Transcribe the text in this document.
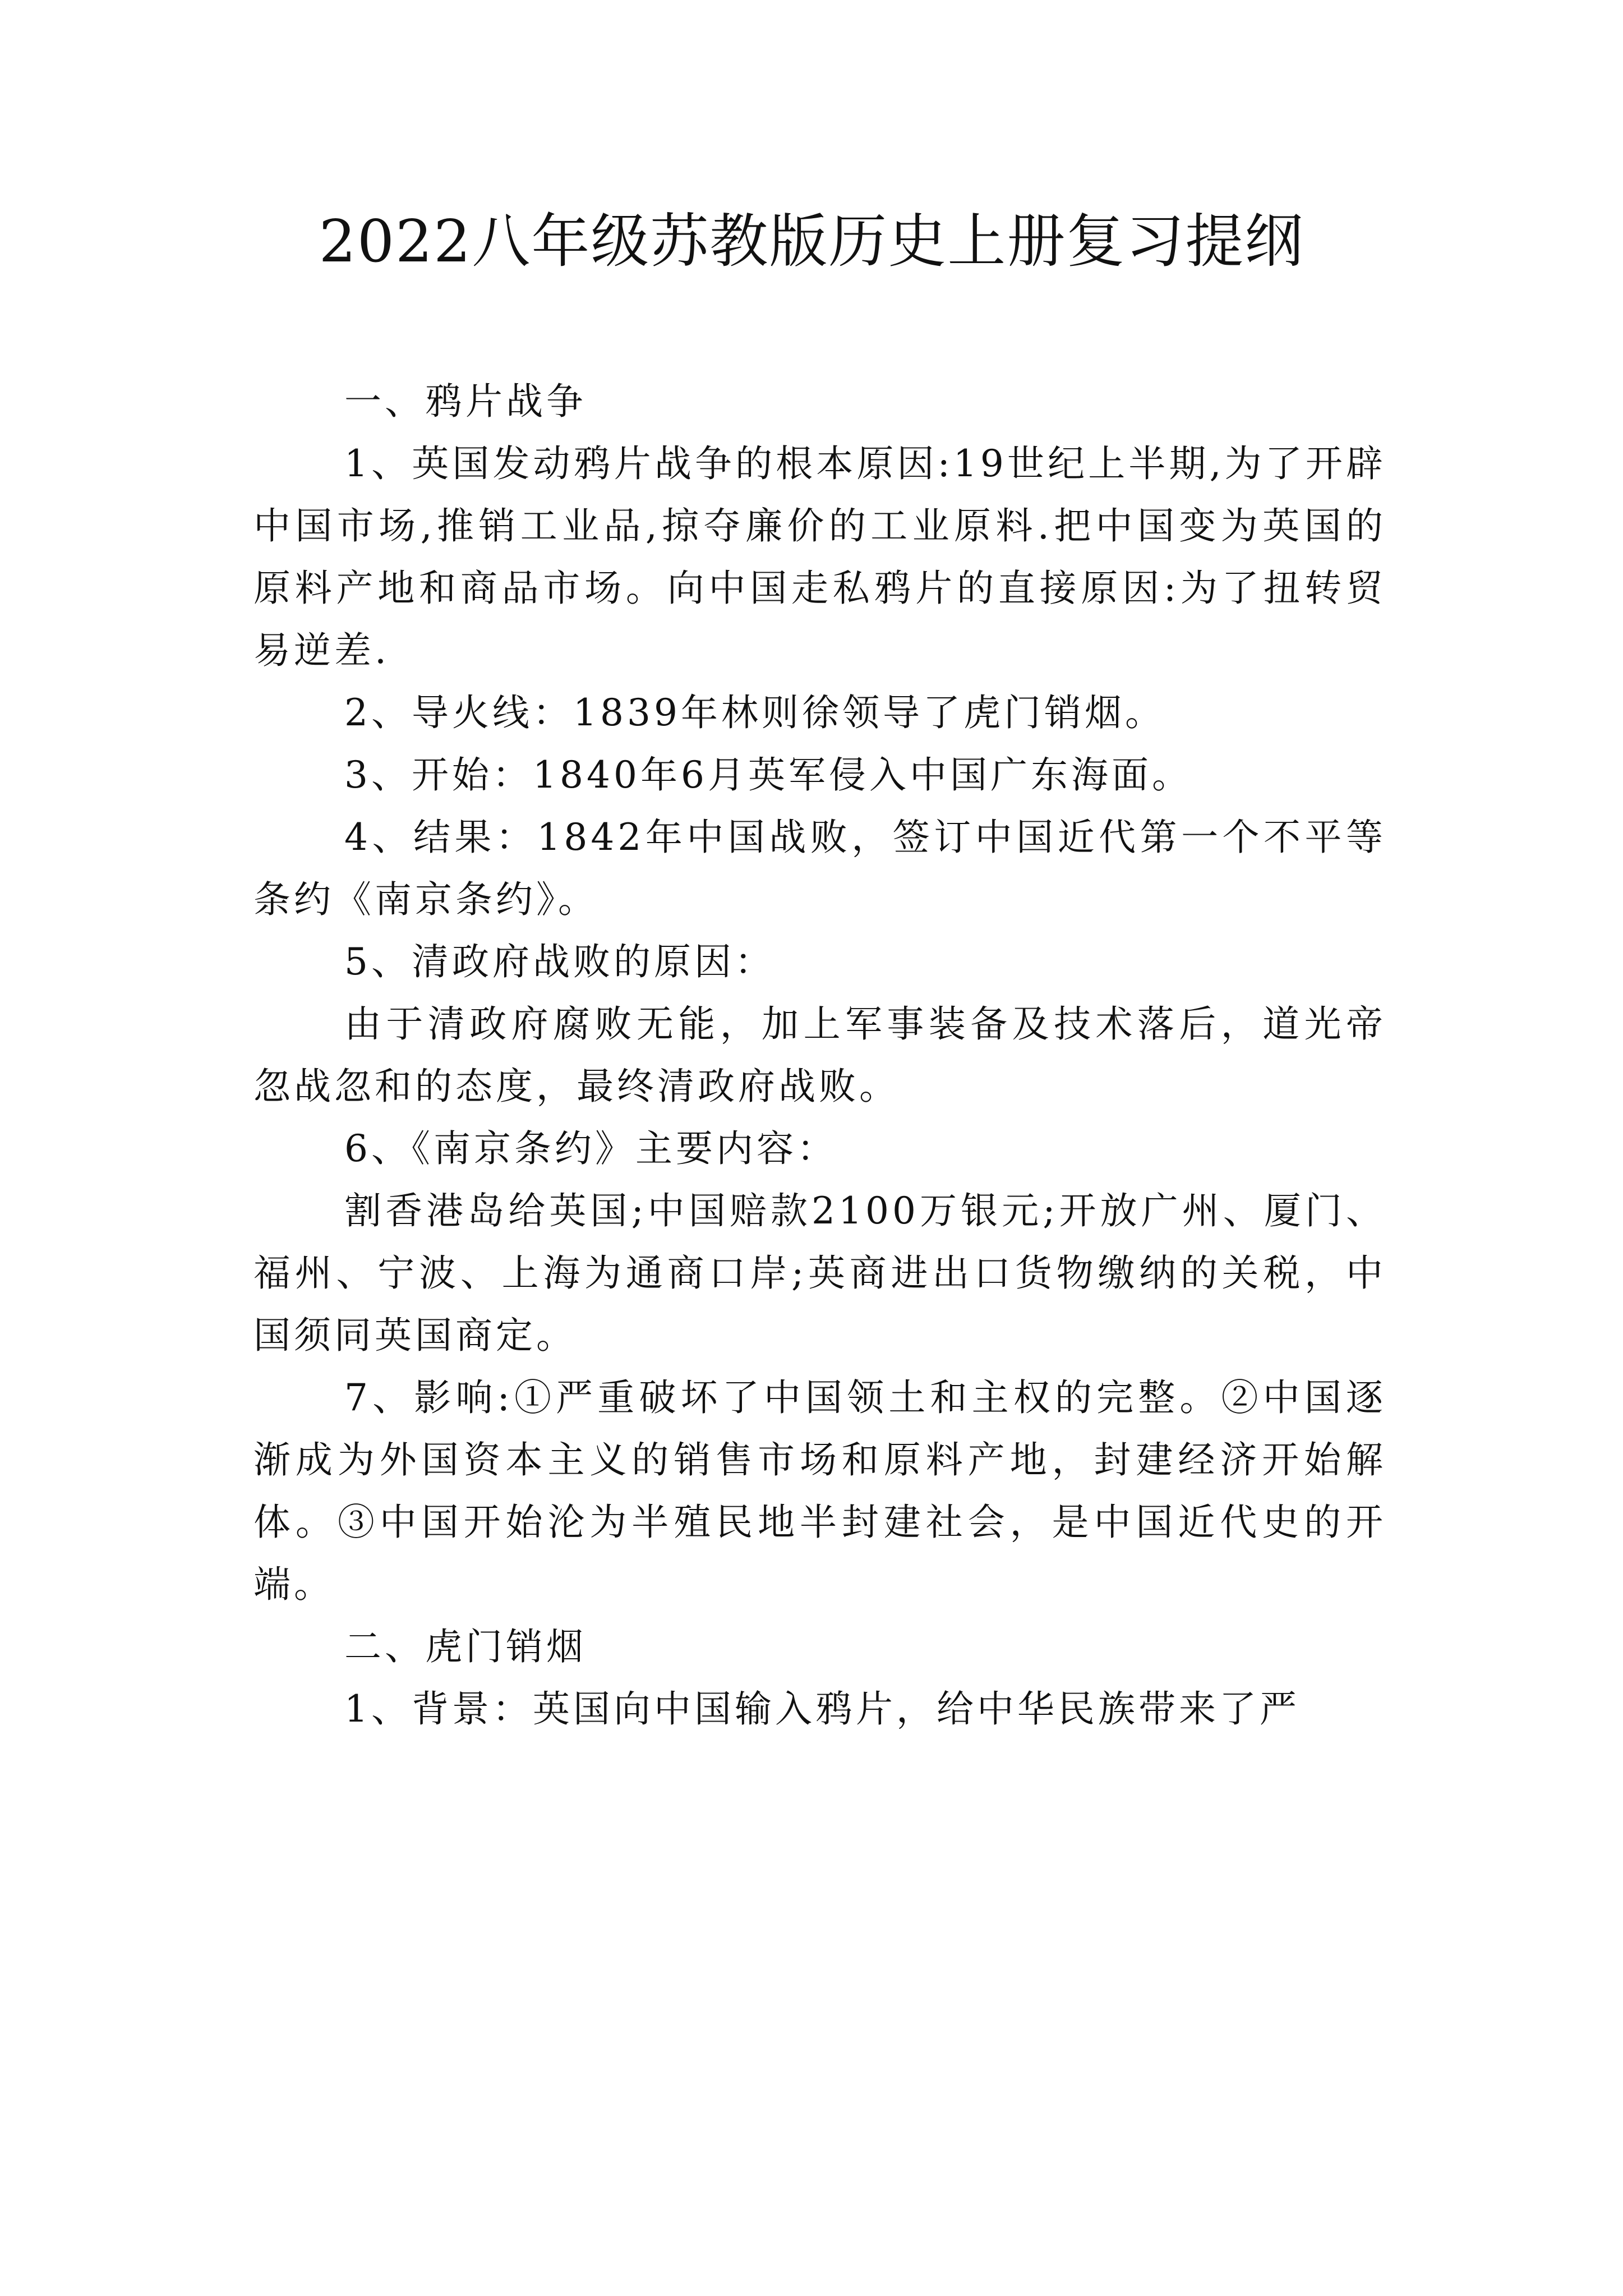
2022八年级苏教版历史上册复习提纲

一、鸦片战争

1、英国发动鸦片战争的根本原因:19世纪上半期,为了开辟中国市场,推销工业品,掠夺廉价的工业原料.把中国变为英国的原料产地和商品市场。向中国走私鸦片的直接原因:为了扭转贸易逆差.

2、导火线：1839年林则徐领导了虎门销烟。

3、开始：1840年6月英军侵入中国广东海面。

4、结果：1842年中国战败，签订中国近代第一个不平等条约《南京条约》。

5、清政府战败的原因：

由于清政府腐败无能，加上军事装备及技术落后，道光帝忽战忽和的态度，最终清政府战败。

6、《南京条约》主要内容：

割香港岛给英国;中国赔款2100万银元;开放广州、厦门、福州、宁波、上海为通商口岸;英商进出口货物缴纳的关税，中国须同英国商定。

7、影响:①严重破坏了中国领土和主权的完整。②中国逐渐成为外国资本主义的销售市场和原料产地，封建经济开始解体。③中国开始沦为半殖民地半封建社会，是中国近代史的开端。

二、虎门销烟

1、背景：英国向中国输入鸦片，给中华民族带来了严
